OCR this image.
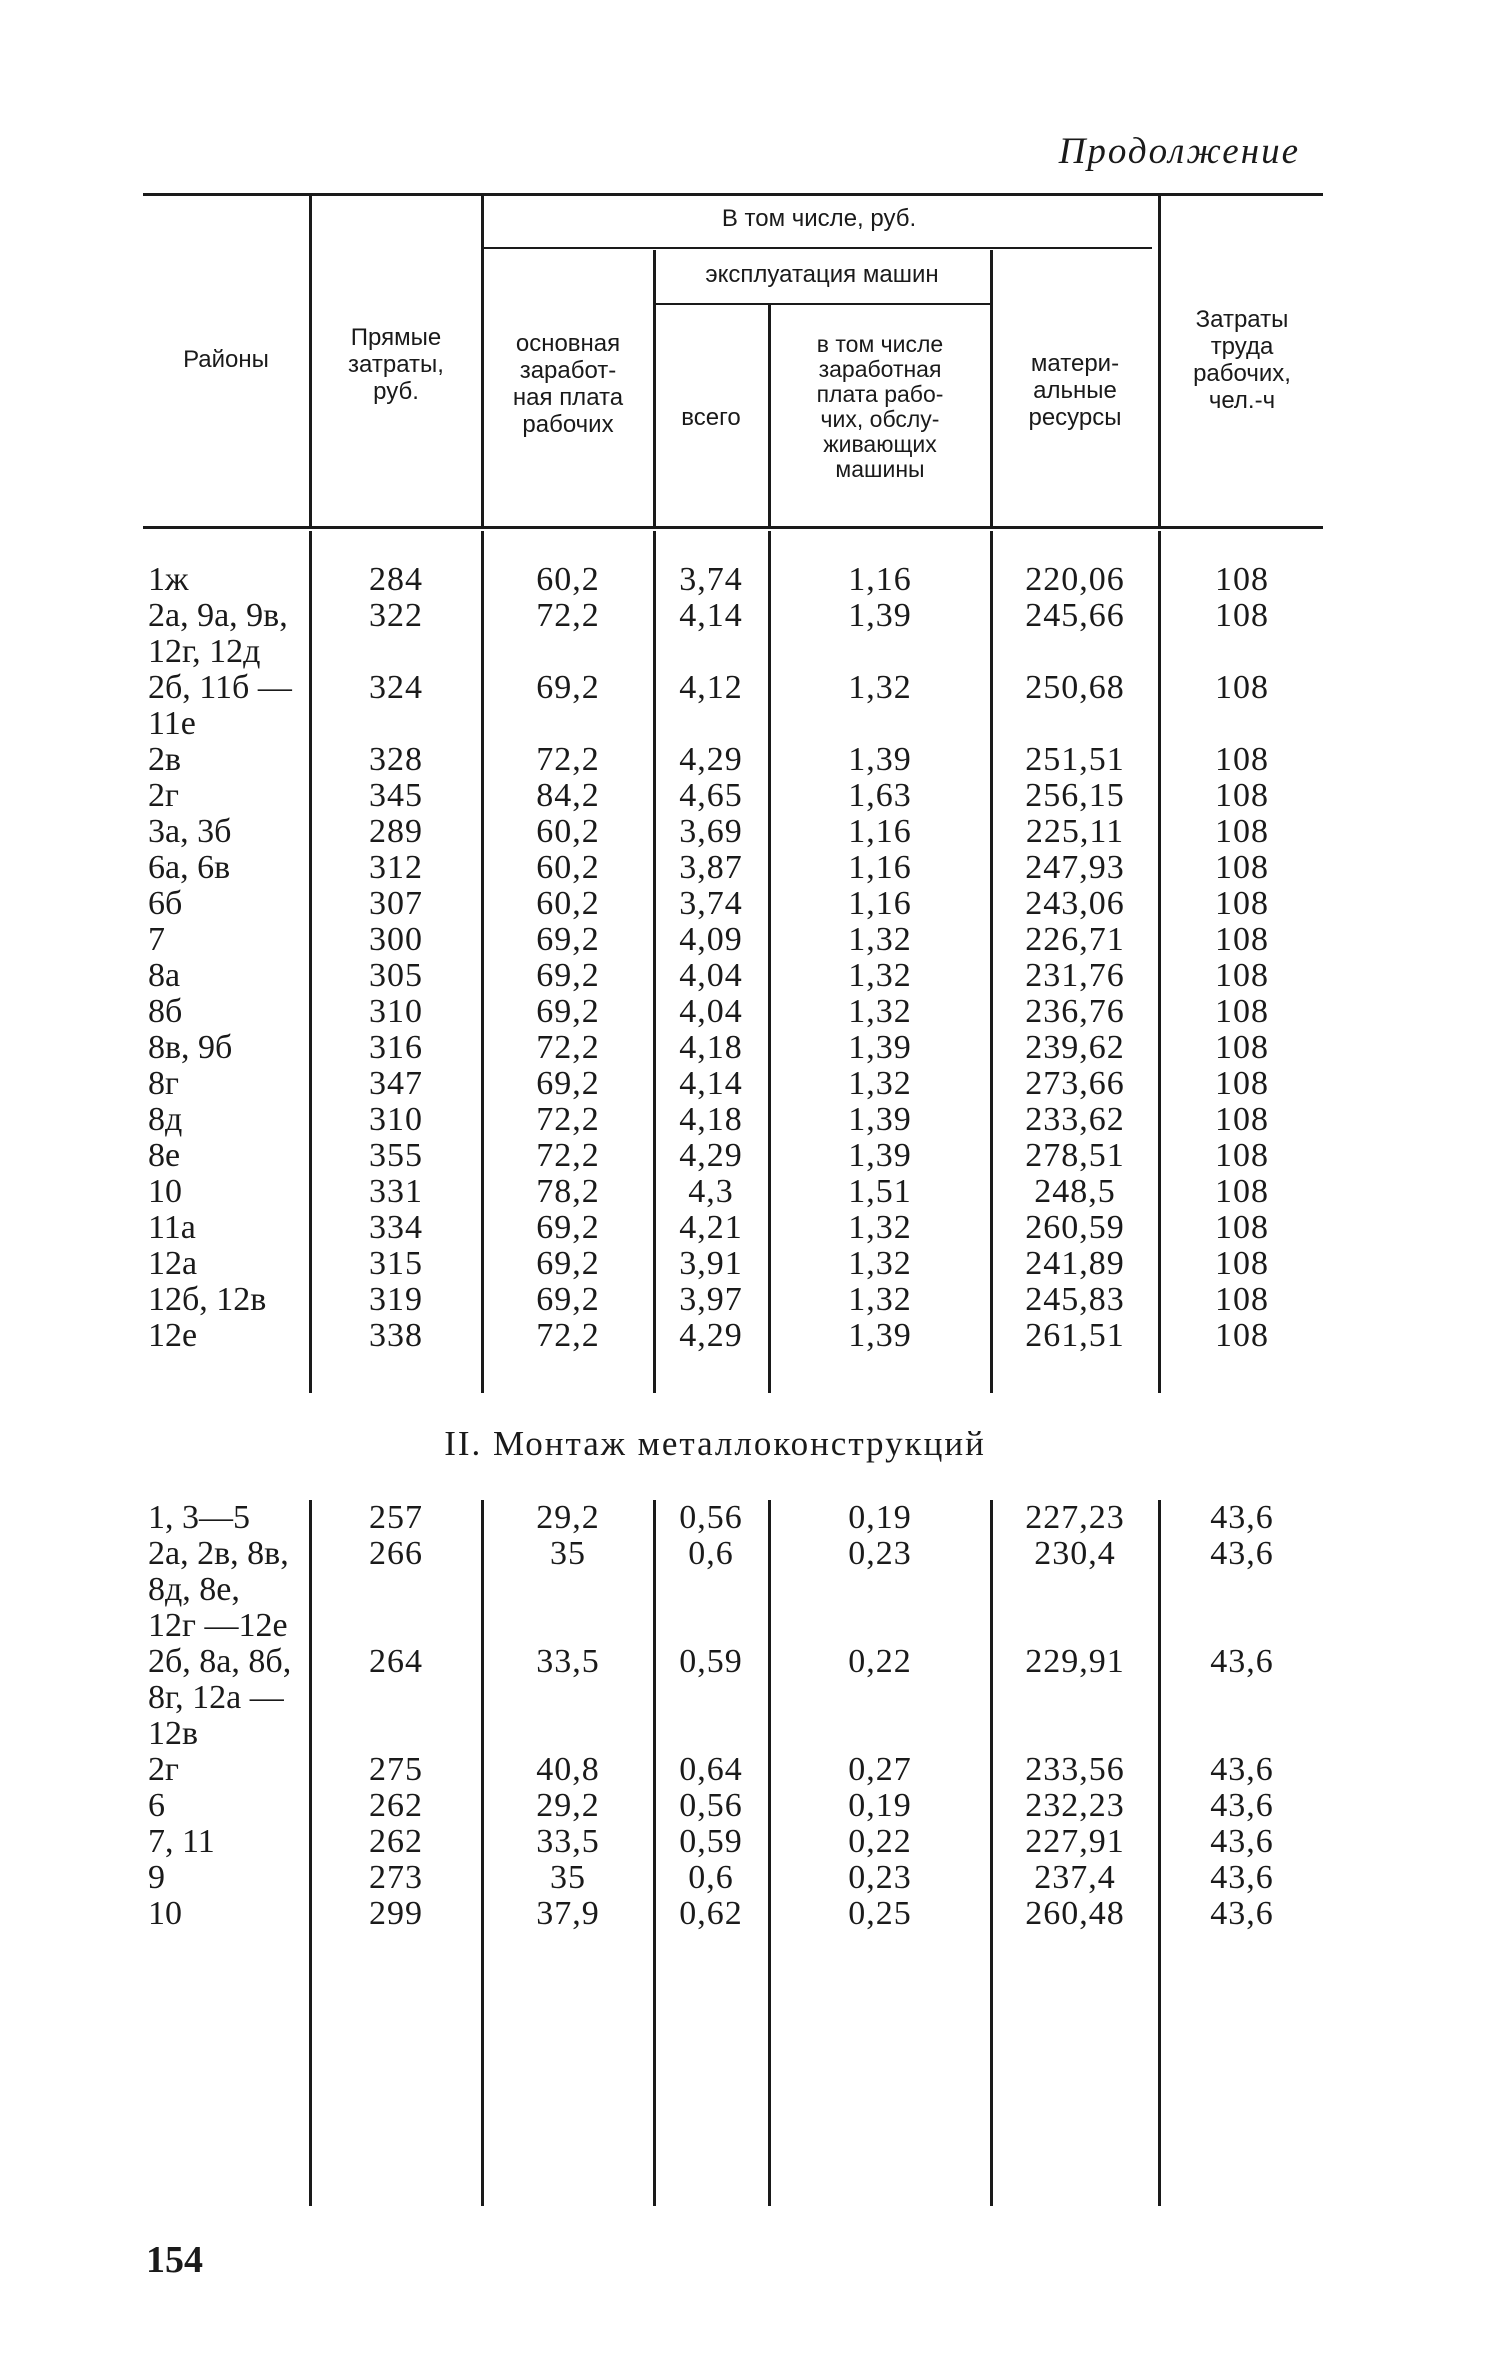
Продолжение
Районы
Прямые
затраты,
руб.
В том числе, руб.
основная
заработ-
ная плата
рабочих
эксплуатация машин
всего
в том числе
заработная
плата рабо-
чих, обслу-
живающих
машины
матери-
альные
ресурсы
Затраты
труда
рабочих,
чел.-ч
1ж
2а, 9а, 9в,
12г, 12д
2б, 11б —
11е
2в
2г
3а, 3б
6а, 6в
6б
7
8а
8б
8в, 9б
8г
8д
8е
10
11а
12а
12б, 12в
12е
284
322
324
328
345
289
312
307
300
305
310
316
347
310
355
331
334
315
319
338
60,2
72,2
69,2
72,2
84,2
60,2
60,2
60,2
69,2
69,2
69,2
72,2
69,2
72,2
72,2
78,2
69,2
69,2
69,2
72,2
3,74
4,14
4,12
4,29
4,65
3,69
3,87
3,74
4,09
4,04
4,04
4,18
4,14
4,18
4,29
4,3
4,21
3,91
3,97
4,29
1,16
1,39
1,32
1,39
1,63
1,16
1,16
1,16
1,32
1,32
1,32
1,39
1,32
1,39
1,39
1,51
1,32
1,32
1,32
1,39
220,06
245,66
250,68
251,51
256,15
225,11
247,93
243,06
226,71
231,76
236,76
239,62
273,66
233,62
278,51
248,5
260,59
241,89
245,83
261,51
108
108
108
108
108
108
108
108
108
108
108
108
108
108
108
108
108
108
108
108
II. Монтаж металлоконструкций
1, 3—5
2а, 2в, 8в,
8д, 8е,
12г —12е
2б, 8а, 8б,
8г, 12а —
12в
2г
6
7, 11
9
10
257
266
264
275
262
262
273
299
29,2
35
33,5
40,8
29,2
33,5
35
37,9
0,56
0,6
0,59
0,64
0,56
0,59
0,6
0,62
0,19
0,23
0,22
0,27
0,19
0,22
0,23
0,25
227,23
230,4
229,91
233,56
232,23
227,91
237,4
260,48
43,6
43,6
43,6
43,6
43,6
43,6
43,6
43,6
154
